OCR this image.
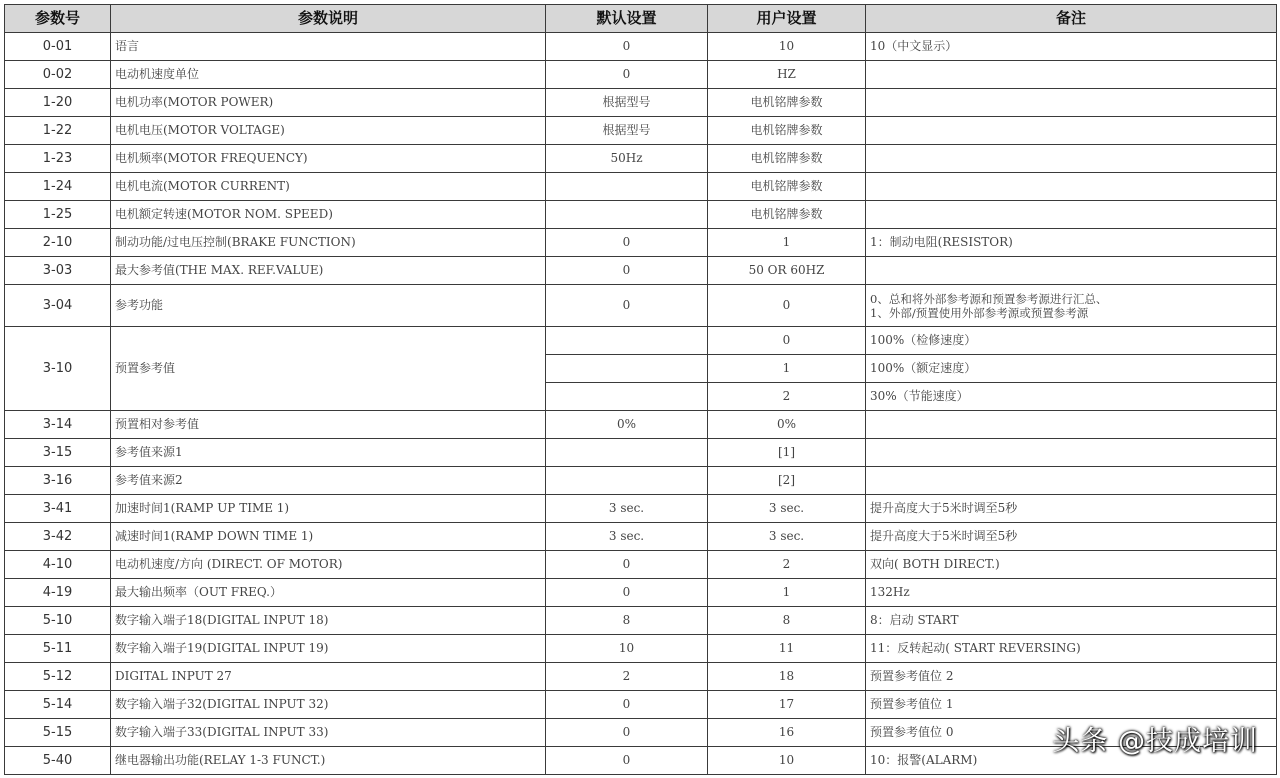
参数号	参数说明	默认设置	用户设置	备注
0-01	语言	0	10	10（中文显示）
0-02	电动机速度单位	0	HZ	
1-20	电机功率(MOTOR POWER)	根据型号	电机铭牌参数	
1-22	电机电压(MOTOR VOLTAGE)	根据型号	电机铭牌参数	
1-23	电机频率(MOTOR FREQUENCY)	50Hz	电机铭牌参数	
1-24	电机电流(MOTOR CURRENT)		电机铭牌参数	
1-25	电机额定转速(MOTOR NOM. SPEED)		电机铭牌参数	
2-10	制动功能/过电压控制(BRAKE FUNCTION)	0	1	1：制动电阻(RESISTOR)
3-03	最大参考值(THE MAX. REF.VALUE)	0	50 OR 60HZ	
3-04	参考功能	0	0	0、总和将外部参考源和预置参考源进行汇总、
1、外部/预置使用外部参考源或预置参考源

3-10	预置参考值		0	100%（检修速度）
			1	100%（额定速度）
			2	30%（节能速度）
3-14	预置相对参考值	0%	0%	
3-15	参考值来源1		[1]	
3-16	参考值来源2		[2]	
3-41	加速时间1(RAMP UP TIME 1)	3 sec.	3 sec.	提升高度大于5米时调至5秒
3-42	减速时间1(RAMP DOWN TIME 1)	3 sec.	3 sec.	提升高度大于5米时调至5秒
4-10	电动机速度/方向 (DIRECT. OF MOTOR)	0	2	双向( BOTH DIRECT.)
4-19	最大输出频率（OUT FREQ.）	0	1	132Hz
5-10	数字输入端子18(DIGITAL INPUT 18)	8	8	8：启动 START
5-11	数字输入端子19(DIGITAL INPUT 19)	10	11	11：反转起动( START REVERSING)
5-12	DIGITAL INPUT 27	2	18	预置参考值位 2
5-14	数字输入端子32(DIGITAL INPUT 32)	0	17	预置参考值位 1
5-15	数字输入端子33(DIGITAL INPUT 33)	0	16	预置参考值位 0
5-40	继电器输出功能(RELAY 1-3 FUNCT.)	0	10	10：报警(ALARM)
头条 @技成培训
